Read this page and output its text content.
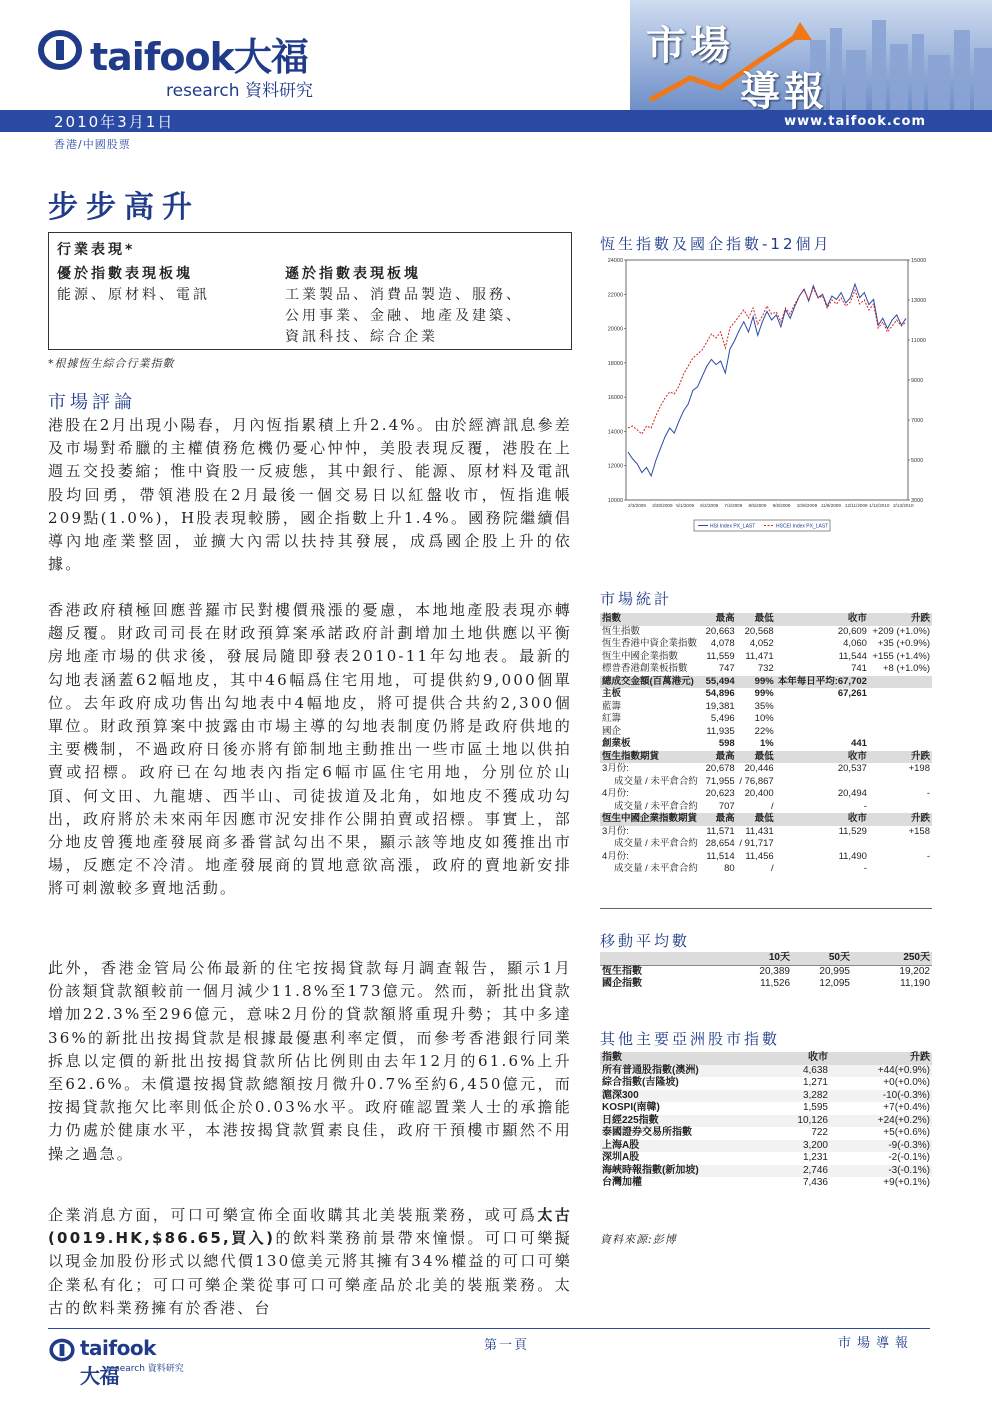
taifook大福
research 資料研究
市場
導報
2010年3月1日	www.taifook.com
香港/中國股票
步步高升
行業表現*
優於指數表現板塊
能源、原材料、電訊
遜於指數表現板塊
工業製品、消費品製造、服務、
公用事業、金融、地產及建築、
資訊科技、綜合企業
*根據恆生綜合行業指數
市場評論

港股在2月出現小陽春，月內恆指累積上升2.4%。由於經濟訊息參差及市場對希臘的主權債務危機仍憂心忡忡，美股表現反覆，港股在上週五交投萎縮；惟中資股一反疲態，其中銀行、能源、原材料及電訊股均回勇，帶領港股在2月最後一個交易日以紅盤收市，恆指進帳209點(1.0%)，H股表現較勝，國企指數上升1.4%。國務院繼續倡導內地產業整固，並擴大內需以扶持其發展，成爲國企股上升的依據。

香港政府積極回應普羅市民對樓價飛漲的憂慮，本地地產股表現亦轉趨反覆。財政司司長在財政預算案承諾政府計劃增加土地供應以平衡房地產市場的供求後，發展局隨即發表2010-11年勾地表。最新的勾地表涵蓋62幅地皮，其中46幅爲住宅用地，可提供約9,000個單位。去年政府成功售出勾地表中4幅地皮，將可提供合共約2,300個單位。財政預算案中披露由市場主導的勾地表制度仍將是政府供地的主要機制，不過政府日後亦將有節制地主動推出一些市區土地以供拍賣或招標。政府已在勾地表內指定6幅市區住宅用地，分別位於山頂、何文田、九龍塘、西半山、司徒拔道及北角，如地皮不獲成功勾出，政府將於未來兩年因應市況安排作公開拍賣或招標。事實上，部分地皮曾獲地產發展商多番嘗試勾出不果，顯示該等地皮如獲推出市場，反應定不冷清。地產發展商的買地意欲高漲，政府的賣地新安排將可刺激較多賣地活動。

此外，香港金管局公佈最新的住宅按揭貸款每月調查報告，顯示1月份該類貸款額較前一個月減少11.8%至173億元。然而，新批出貸款增加22.3%至296億元，意味2月份的貸款額將重現升勢；其中多達36%的新批出按揭貸款是根據最優惠利率定價，而參考香港銀行同業拆息以定價的新批出按揭貸款所佔比例則由去年12月的61.6%上升至62.6%。未償還按揭貸款總額按月微升0.7%至約6,450億元，而按揭貸款拖欠比率則低企於0.03%水平。政府確認置業人士的承擔能力仍處於健康水平，本港按揭貸款質素良佳，政府干預樓市顯然不用操之過急。

企業消息方面，可口可樂宣佈全面收購其北美裝瓶業務，或可爲太古(0019.HK,$86.65,買入)的飲料業務前景帶來憧憬。可口可樂擬以現金加股份形式以總代價130億美元將其擁有34%權益的可口可樂企業私有化；可口可樂企業從事可口可樂產品於北美的裝瓶業務。太古的飲料業務擁有於香港、台

恆生指數及國企指數-12個月
24000
22000
20000
18000
16000
14000
12000
10000
15000
13000
11000
9000
7000
5000
3000
2/3/2009 3/30/2009 5/1/2009 6/2/2009 7/4/2009 8/5/2009 9/6/2009 10/8/2009 11/9/2009 12/11/2009 1/12/2010 2/13/2010
HSI Index PX_LAST	HSCEI Index PX_LAST
市場統計
指數	最高	最低	收市	升跌
恆生指數	20,663	20,568	20,609	+209 (+1.0%)
恆生香港中資企業指數	4,078	4,052	4,060	+35 (+0.9%)
恆生中國企業指數	11,559	11,471	11,544	+155 (+1.4%)
標普香港創業板指數	747	732	741	+8 (+1.0%)
總成交金額(百萬港元)	55,494	99%	本年每日平均:67,702	
主板	54,896	99%	67,261	
藍籌	19,381	35%		
紅籌	5,496	10%		
國企	11,935	22%		
創業板	598	1%	441	
恆生指數期貨	最高	最低	收市	升跌
3月份:	20,678	20,446	20,537	+198
成交量 / 未平倉合約	71,955	/ 76,867		
4月份:	20,623	20,400	20,494	-
成交量 / 未平倉合約	707	/	-	
恆生中國企業指數期貨	最高	最低	收市	升跌
3月份:	11,571	11,431	11,529	+158
成交量 / 未平倉合約	28,654	/ 91,717		
4月份:	11,514	11,456	11,490	-
成交量 / 未平倉合約	80	/	-	
移動平均數
	10天	50天	250天
恆生指數	20,389	20,995	19,202
國企指數	11,526	12,095	11,190
其他主要亞洲股市指數
指數	收市	升跌
所有普通股指數(澳洲)	4,638	+44(+0.9%)
綜合指數(吉隆坡)	1,271	+0(+0.0%)
滬深300	3,282	-10(-0.3%)
KOSPI(南韓)	1,595	+7(+0.4%)
日經225指數	10,126	+24(+0.2%)
泰國證券交易所指數	722	+5(+0.6%)
上海A股	3,200	-9(-0.3%)
深圳A股	1,231	-2(-0.1%)
海峽時報指數(新加坡)	2,746	-3(-0.1%)
台灣加權	7,436	+9(+0.1%)
資料來源:彭博
taifook大福
research 資料研究
第一頁	市場導報
